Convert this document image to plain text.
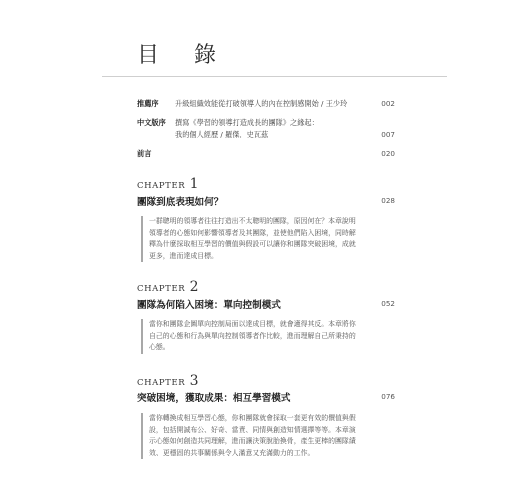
目 錄
推薦序 升級組織效能從打破領導人的內在控制感開始 / 王少玲	002
中文版序 撰寫《學習的領導打造成長的團隊》之緣起：
我的個人經歷 / 羅傑．史瓦茲	007
前言	020
CHAPTER 1
團隊到底表現如何？	028
一群聰明的領導者往往打造出不太聰明的團隊，原因何在？本章說明
領導者的心態如何影響領導者及其團隊，並使他們陷入困境，同時解
釋為什麼採取相互學習的價值與假設可以讓你和團隊突破困境，成就
更多，進而達成目標。
CHAPTER 2
團隊為何陷入困境：單向控制模式	052
當你和團隊企圖單向控制局面以達成目標，就會適得其反。本章將你
自己的心態和行為與單向控制領導者作比較，進而理解自己所秉持的
心態。
CHAPTER 3
突破困境，獲取成果：相互學習模式	076
當你轉換成相互學習心態，你和團隊就會採取一套更有效的價值與假
設，包括開誠布公、好奇、當責、同情與創造知情選擇等等。本章演
示心態如何創造共同理解，進而讓決策脫胎換骨，產生更棒的團隊績
效、更穩固的共事關係與令人滿意又充滿動力的工作。
